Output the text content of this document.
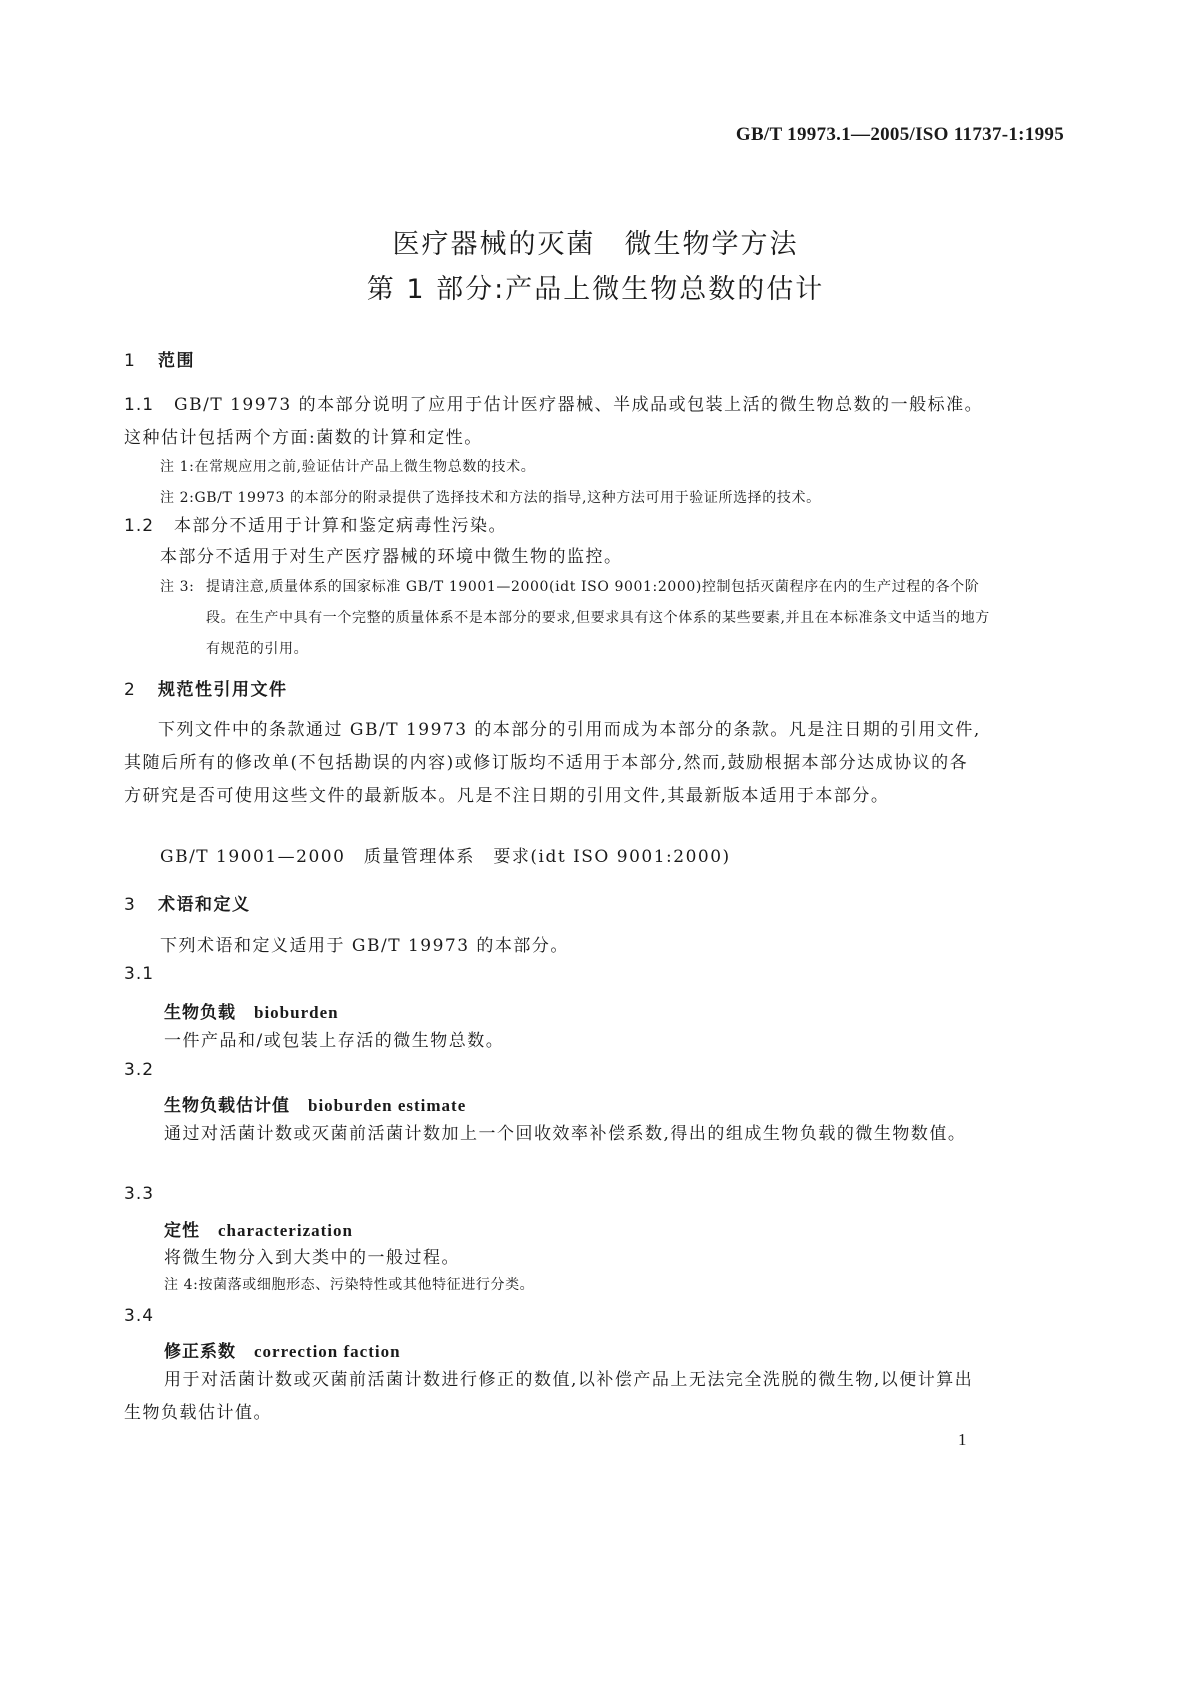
GB/T 19973.1—2005/ISO 11737-1:1995
医疗器械的灭菌　微生物学方法
第 1 部分:产品上微生物总数的估计
1 范围
1.1 GB/T 19973 的本部分说明了应用于估计医疗器械、半成品或包装上活的微生物总数的一般标准。这种估计包括两个方面:菌数的计算和定性。
注 1:在常规应用之前,验证估计产品上微生物总数的技术。
注 2:GB/T 19973 的本部分的附录提供了选择技术和方法的指导,这种方法可用于验证所选择的技术。
1.2 本部分不适用于计算和鉴定病毒性污染。
本部分不适用于对生产医疗器械的环境中微生物的监控。
注 3: 提请注意,质量体系的国家标准 GB/T 19001—2000(idt ISO 9001:2000)控制包括灭菌程序在内的生产过程的各个阶段。在生产中具有一个完整的质量体系不是本部分的要求,但要求具有这个体系的某些要素,并且在本标准条文中适当的地方有规范的引用。
2 规范性引用文件
下列文件中的条款通过 GB/T 19973 的本部分的引用而成为本部分的条款。凡是注日期的引用文件,其随后所有的修改单(不包括勘误的内容)或修订版均不适用于本部分,然而,鼓励根据本部分达成协议的各方研究是否可使用这些文件的最新版本。凡是不注日期的引用文件,其最新版本适用于本部分。
GB/T 19001—2000　质量管理体系　要求(idt ISO 9001:2000)
3 术语和定义
下列术语和定义适用于 GB/T 19973 的本部分。
3.1
生物负载 bioburden
一件产品和/或包装上存活的微生物总数。
3.2
生物负载估计值 bioburden estimate
通过对活菌计数或灭菌前活菌计数加上一个回收效率补偿系数,得出的组成生物负载的微生物数值。
3.3
定性 characterization
将微生物分入到大类中的一般过程。
注 4:按菌落或细胞形态、污染特性或其他特征进行分类。
3.4
修正系数 correction faction
用于对活菌计数或灭菌前活菌计数进行修正的数值,以补偿产品上无法完全洗脱的微生物,以便计算出生物负载估计值。
1
